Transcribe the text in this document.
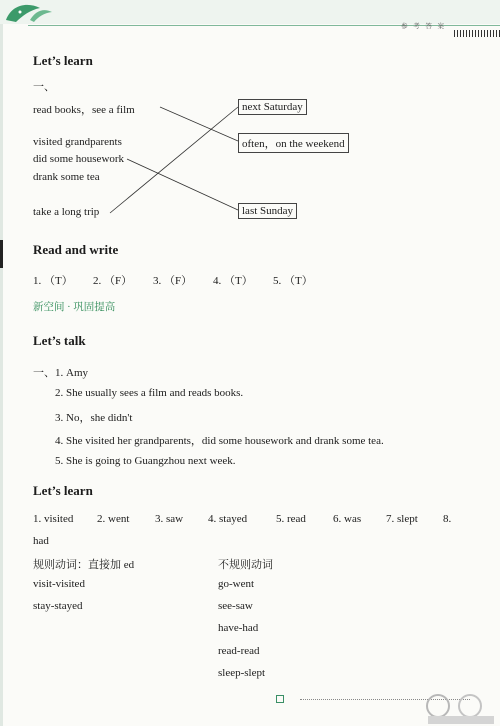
参 考 答 案
Let’s learn
一、
read books，see a film
visited grandparents
did some housework
drank some tea
take a long trip
next Saturday
often，on the weekend
last Sunday
Read and write
1. （T） 2. （F） 3. （F） 4. （T） 5. （T）
新空间 · 巩固提高
Let’s talk
一、1. Amy
2. She usually sees a film and reads books.
3. No，she didn't
4. She visited her grandparents，did some housework and drank some tea.
5. She is going to Guangzhou next week.
Let’s learn
1. visited 2. went 3. saw 4. stayed	5. read 6. was 7. slept 8.
had
规则动词：直接加 ed
visit-visited
stay-stayed
不规则动词
go-went
see-saw
have-had
read-read
sleep-slept
